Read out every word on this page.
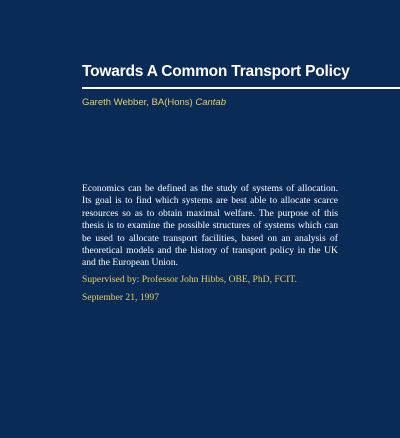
Towards A Common Transport Policy
Gareth Webber, BA(Hons) Cantab

Economics can be defined as the study of systems of allocation. Its goal is to find which systems are best able to allocate scarce resources so as to obtain maximal welfare. The purpose of this thesis is to examine the possible structures of systems which can be used to allocate transport facilities, based on an analysis of theoretical models and the history of transport policy in the UK and the European Union.

Supervised by: Professor John Hibbs, OBE, PhD, FCIT.
September 21, 1997
